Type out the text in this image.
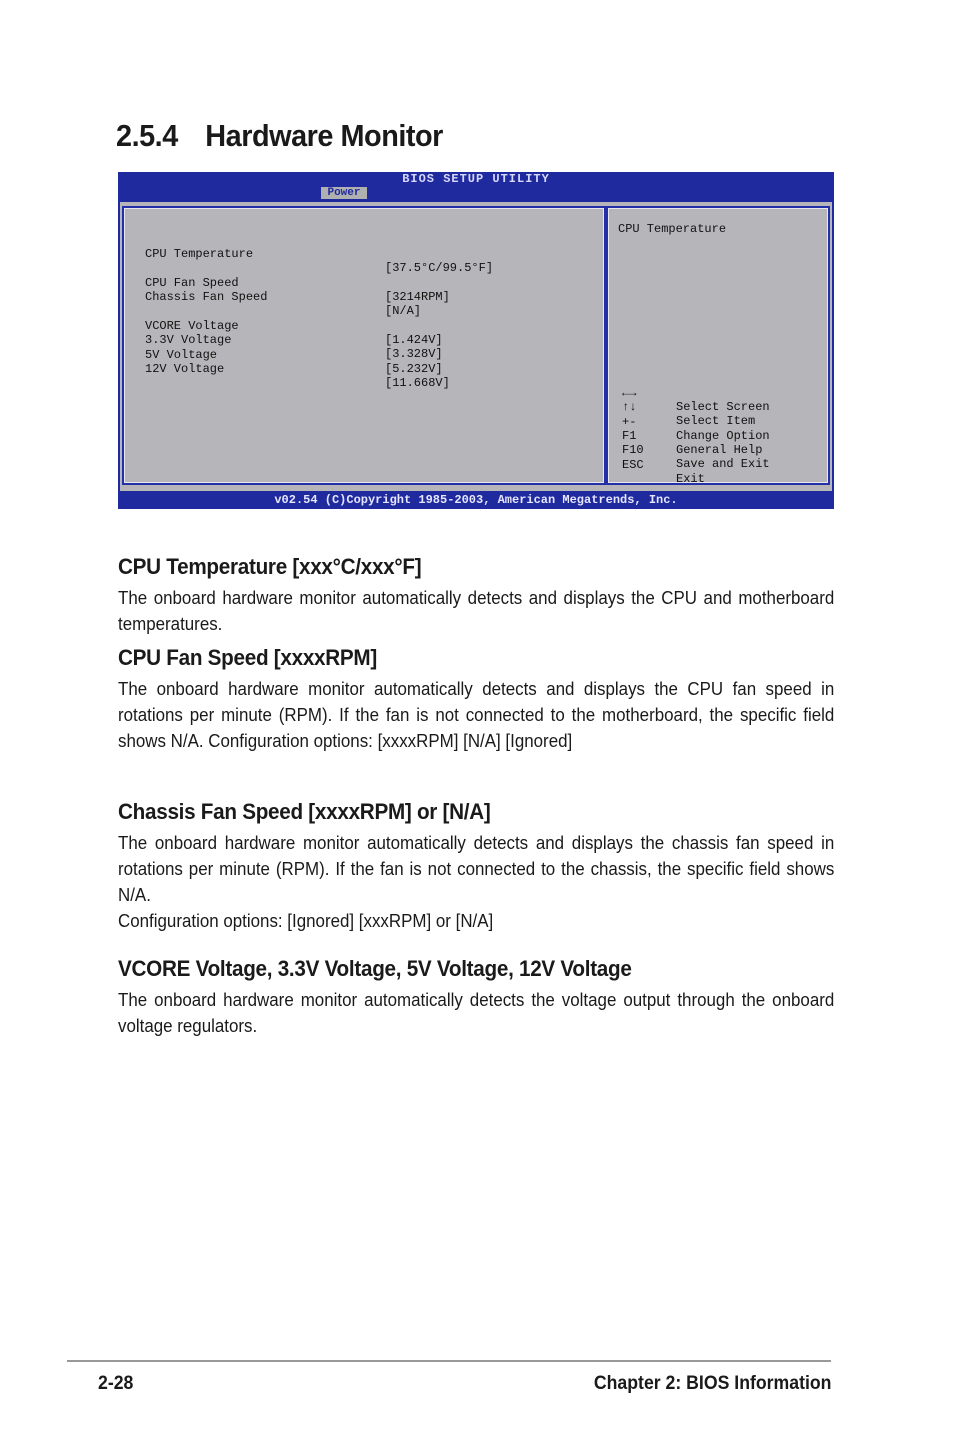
2.5.4 Hardware Monitor
BIOS SETUP UTILITY
Power

CPU Temperature

[37.5°C/99.5°F]

CPU Fan Speed

[3214RPM]

Chassis Fan Speed

[N/A]

VCORE Voltage

[1.424V]

3.3V Voltage

[3.328V]

5V Voltage

[5.232V]

12V Voltage

[11.668V]

CPU Temperature

←→

Select Screen

↑↓

Select Item

+-

Change Option

F1

General Help

F10

Save and Exit

ESC

Exit

v02.54 (C)Copyright 1985-2003, American Megatrends, Inc.
CPU Temperature [xxx°C/xxx°F]

The onboard hardware monitor automatically detects and displays the CPU and motherboard temperatures.

CPU Fan Speed [xxxxRPM]

The onboard hardware monitor automatically detects and displays the CPU fan speed in rotations per minute (RPM). If the fan is not connected to the motherboard, the specific field shows N/A. Configuration options: [xxxxRPM] [N/A] [Ignored]

Chassis Fan Speed [xxxxRPM] or [N/A]

The onboard hardware monitor automatically detects and displays the chassis fan speed in rotations per minute (RPM). If the fan is not connected to the chassis, the specific field shows N/A.

Configuration options: [Ignored] [xxxRPM] or [N/A]

VCORE Voltage, 3.3V Voltage, 5V Voltage, 12V Voltage

The onboard hardware monitor automatically detects the voltage output through the onboard voltage regulators.

2-28	Chapter 2: BIOS Information
